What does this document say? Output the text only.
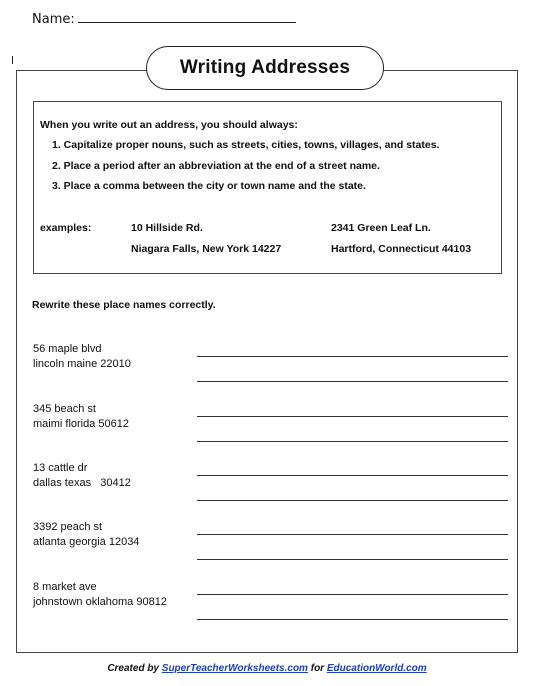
Name:
Writing Addresses
When you write out an address, you should always:
1. Capitalize proper nouns, such as streets, cities, towns, villages, and states.
2. Place a period after an abbreviation at the end of a street name.
3. Place a comma between the city or town name and the state.
examples:	10 Hillside Rd.
Niagara Falls, New York 14227
2341 Green Leaf Ln.
Hartford, Connecticut 44103
Rewrite these place names correctly.
56 maple blvd
lincoln maine 22010
345 beach st
maimi florida 50612
13 cattle dr
dallas texas   30412
3392 peach st
atlanta georgia 12034
8 market ave
johnstown oklahoma 90812
Created by SuperTeacherWorksheets.com for EducationWorld.com
